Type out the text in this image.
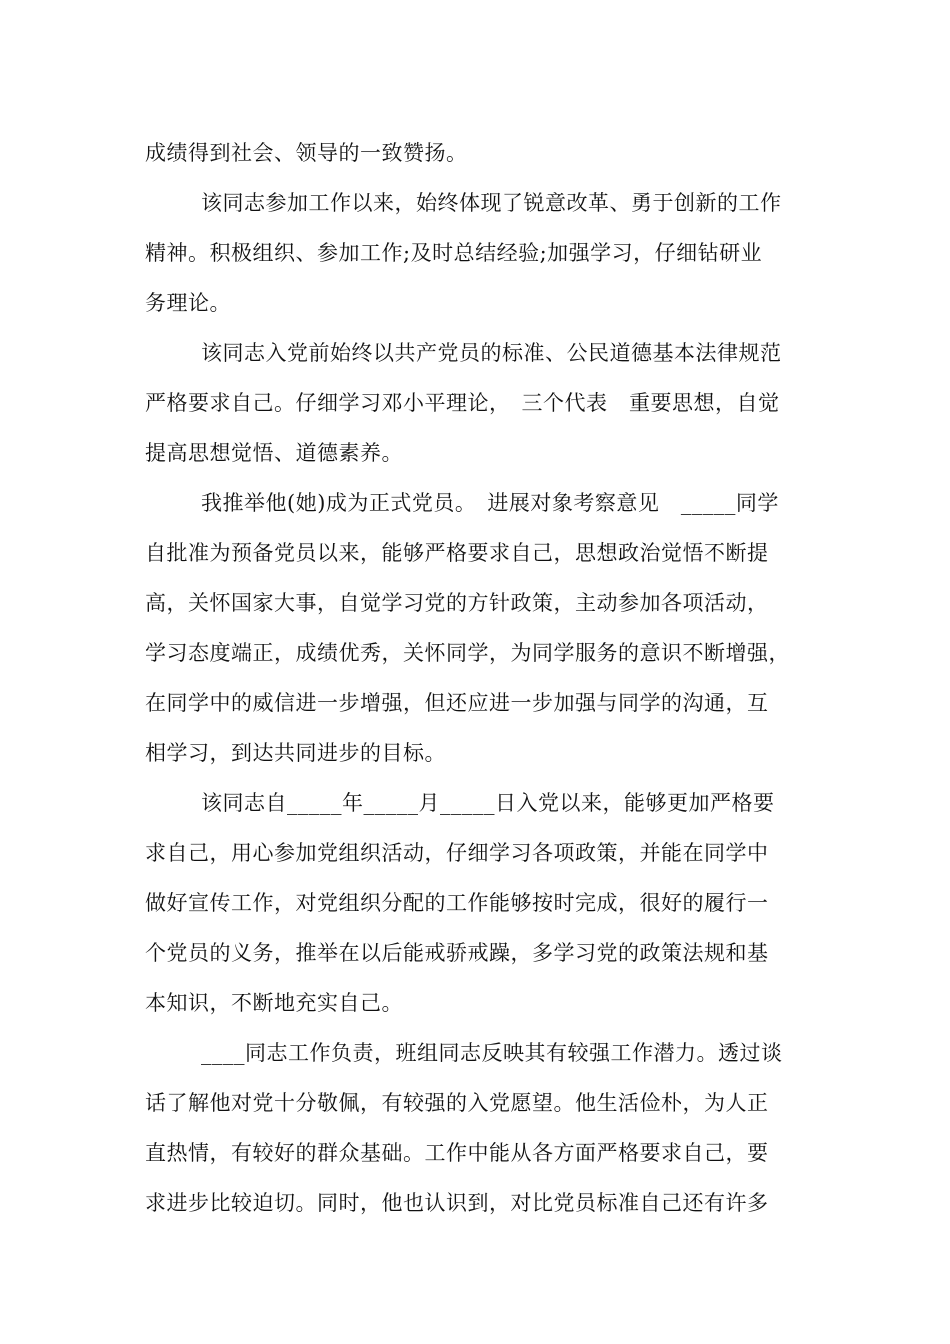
成绩得到社会、领导的一致赞扬。
该同志参加工作以来，始终体现了锐意改革、勇于创新的工作
精神。积极组织、参加工作;及时总结经验;加强学习，仔细钻研业
务理论。
该同志入党前始终以共产党员的标准、公民道德基本法律规范
严格要求自己。仔细学习邓小平理论，　三个代表　重要思想，自觉
提高思想觉悟、道德素养。
我推举他(她)成为正式党员。　进展对象考察意见　_____同学
自批准为预备党员以来，能够严格要求自己，思想政治觉悟不断提
高，关怀国家大事，自觉学习党的方针政策，主动参加各项活动，
学习态度端正，成绩优秀，关怀同学，为同学服务的意识不断增强，
在同学中的威信进一步增强，但还应进一步加强与同学的沟通，互
相学习，到达共同进步的目标。
该同志自_____年_____月_____日入党以来，能够更加严格要
求自己，用心参加党组织活动，仔细学习各项政策，并能在同学中
做好宣传工作，对党组织分配的工作能够按时完成，很好的履行一
个党员的义务，推举在以后能戒骄戒躁，多学习党的政策法规和基
本知识，不断地充实自己。
____同志工作负责，班组同志反映其有较强工作潜力。透过谈
话了解他对党十分敬佩，有较强的入党愿望。他生活俭朴，为人正
直热情，有较好的群众基础。工作中能从各方面严格要求自己，要
求进步比较迫切。同时，他也认识到，对比党员标准自己还有许多
